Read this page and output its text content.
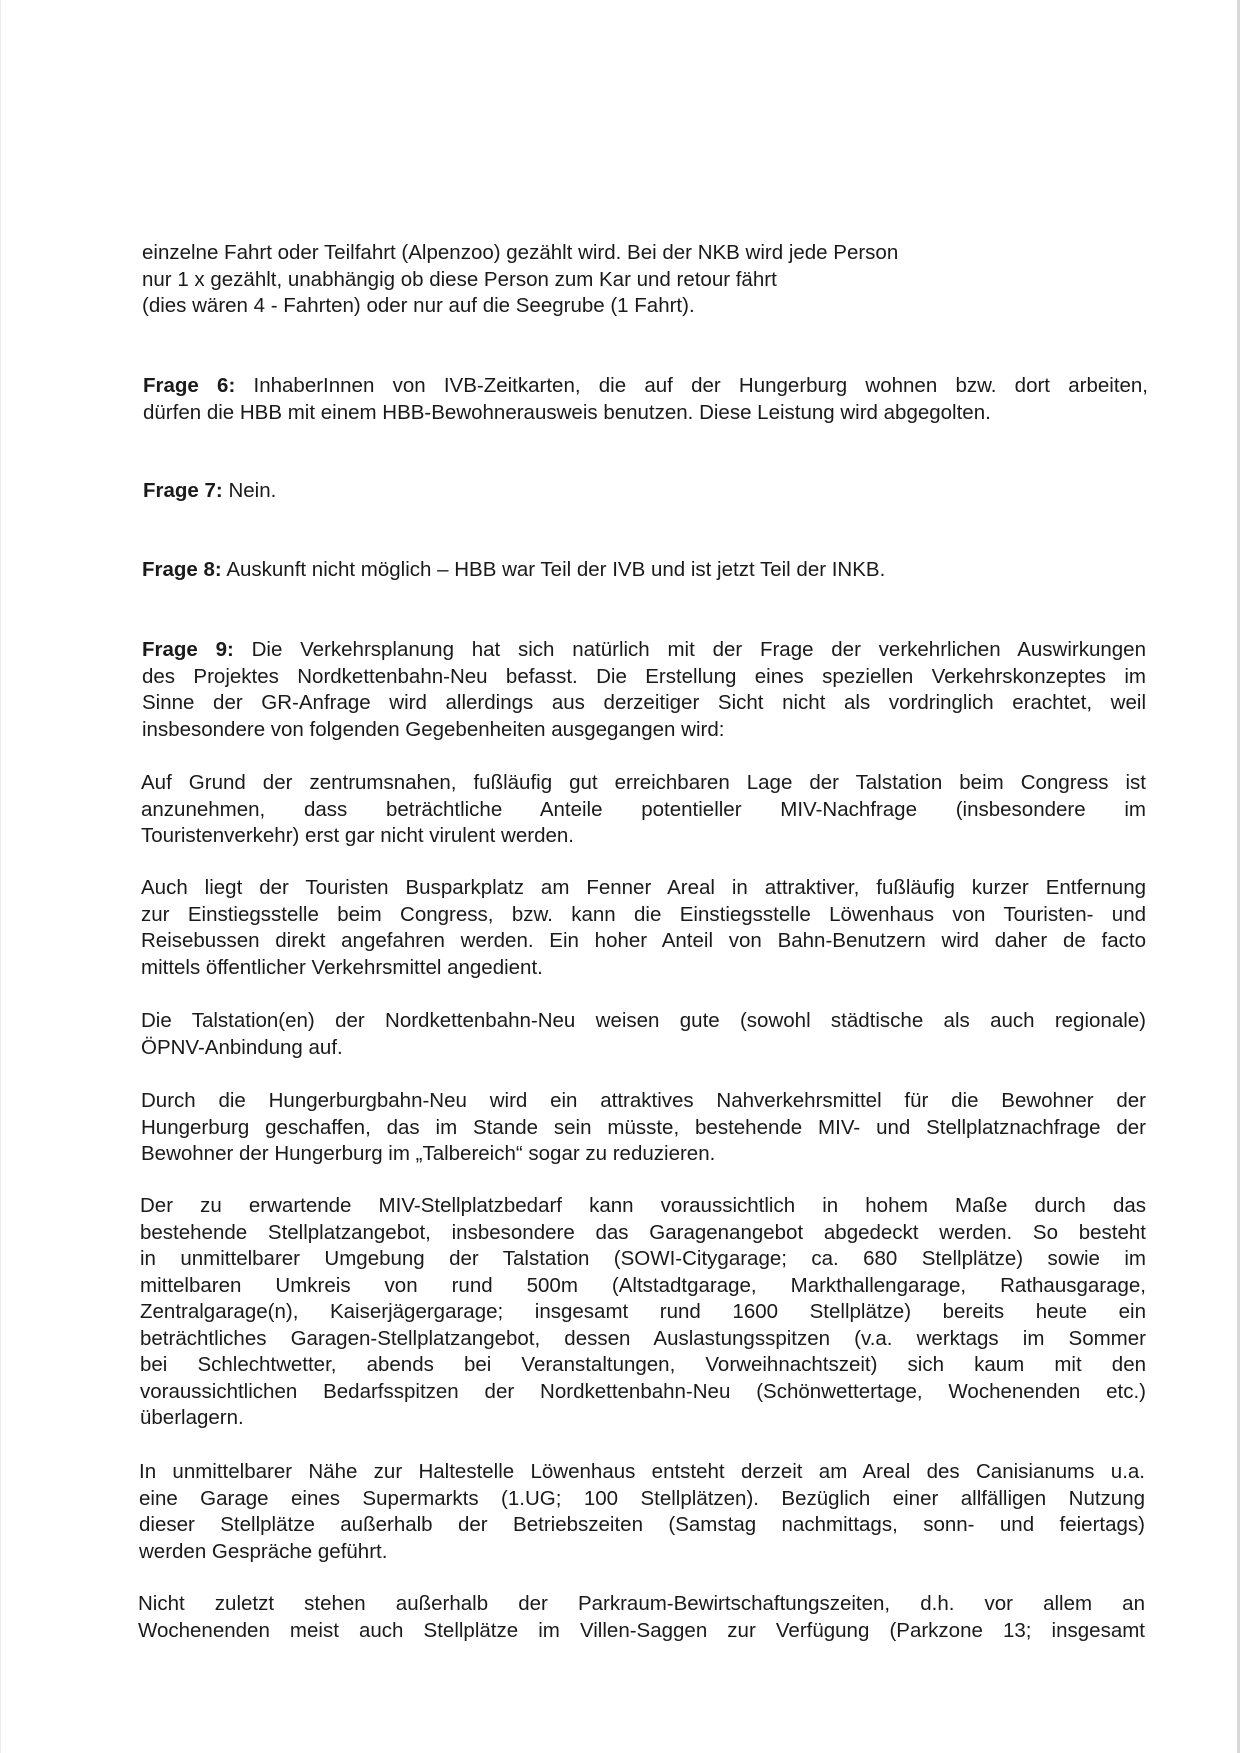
einzelne Fahrt oder Teilfahrt (Alpenzoo) gezählt wird. Bei der NKB wird jede Person
nur 1 x gezählt, unabhängig ob diese Person zum Kar und retour fährt
(dies wären 4 - Fahrten) oder nur auf die Seegrube (1 Fahrt).
Frage 6: InhaberInnen von IVB-Zeitkarten, die auf der Hungerburg wohnen bzw. dort arbeiten,
dürfen die HBB mit einem HBB-Bewohnerausweis benutzen. Diese Leistung wird abgegolten.
Frage 7: Nein.
Frage 8: Auskunft nicht möglich – HBB war Teil der IVB und ist jetzt Teil der INKB.
Frage 9: Die Verkehrsplanung hat sich natürlich mit der Frage der verkehrlichen Auswirkungen
des Projektes Nordkettenbahn-Neu befasst. Die Erstellung eines speziellen Verkehrskonzeptes im
Sinne der GR-Anfrage wird allerdings aus derzeitiger Sicht nicht als vordringlich erachtet, weil
insbesondere von folgenden Gegebenheiten ausgegangen wird:
Auf Grund der zentrumsnahen, fußläufig gut erreichbaren Lage der Talstation beim Congress ist
anzunehmen, dass beträchtliche Anteile potentieller MIV-Nachfrage (insbesondere im
Touristenverkehr) erst gar nicht virulent werden.
Auch liegt der Touristen Busparkplatz am Fenner Areal in attraktiver, fußläufig kurzer Entfernung
zur Einstiegsstelle beim Congress, bzw. kann die Einstiegsstelle Löwenhaus von Touristen- und
Reisebussen direkt angefahren werden. Ein hoher Anteil von Bahn-Benutzern wird daher de facto
mittels öffentlicher Verkehrsmittel angedient.
Die Talstation(en) der Nordkettenbahn-Neu weisen gute (sowohl städtische als auch regionale)
ÖPNV-Anbindung auf.
Durch die Hungerburgbahn-Neu wird ein attraktives Nahverkehrsmittel für die Bewohner der
Hungerburg geschaffen, das im Stande sein müsste, bestehende MIV- und Stellplatznachfrage der
Bewohner der Hungerburg im „Talbereich“ sogar zu reduzieren.
Der zu erwartende MIV-Stellplatzbedarf kann voraussichtlich in hohem Maße durch das
bestehende Stellplatzangebot, insbesondere das Garagenangebot abgedeckt werden. So besteht
in unmittelbarer Umgebung der Talstation (SOWI-Citygarage; ca. 680 Stellplätze) sowie im
mittelbaren Umkreis von rund 500m (Altstadtgarage, Markthallengarage, Rathausgarage,
Zentralgarage(n), Kaiserjägergarage; insgesamt rund 1600 Stellplätze) bereits heute ein
beträchtliches Garagen-Stellplatzangebot, dessen Auslastungsspitzen (v.a. werktags im Sommer
bei Schlechtwetter, abends bei Veranstaltungen, Vorweihnachtszeit) sich kaum mit den
voraussichtlichen Bedarfsspitzen der Nordkettenbahn-Neu (Schönwettertage, Wochenenden etc.)
überlagern.
In unmittelbarer Nähe zur Haltestelle Löwenhaus entsteht derzeit am Areal des Canisianums u.a.
eine Garage eines Supermarkts (1.UG; 100 Stellplätzen). Bezüglich einer allfälligen Nutzung
dieser Stellplätze außerhalb der Betriebszeiten (Samstag nachmittags, sonn- und feiertags)
werden Gespräche geführt.
Nicht zuletzt stehen außerhalb der Parkraum-Bewirtschaftungszeiten, d.h. vor allem an
Wochenenden meist auch Stellplätze im Villen-Saggen zur Verfügung (Parkzone 13; insgesamt
